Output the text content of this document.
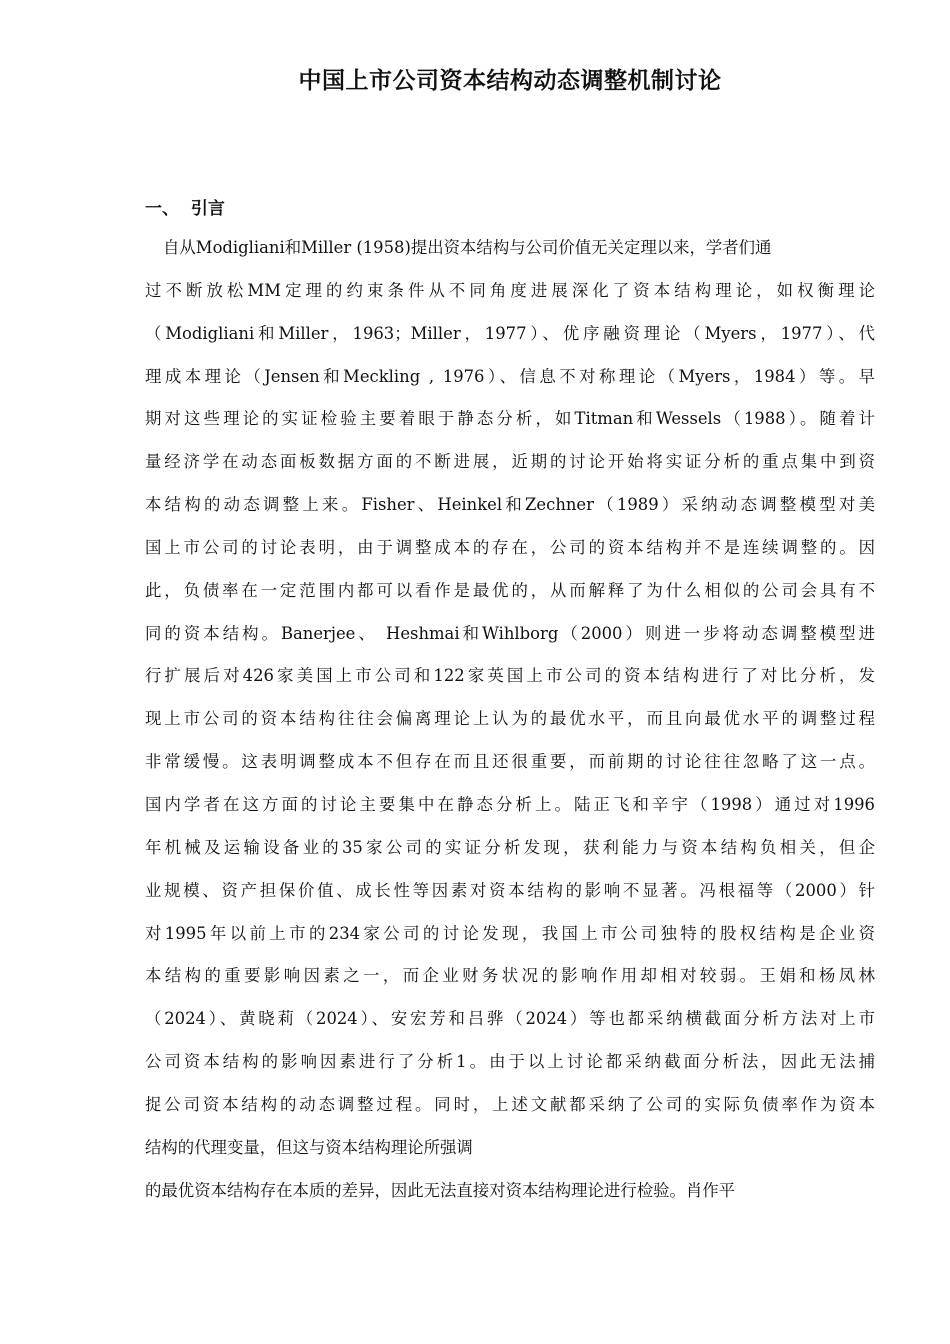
中国上市公司资本结构动态调整机制讨论
一、  引言

自从Modigliani和Miller (1958)提出资本结构与公司价值无关定理以来，学者们通

过不断放松MM定理的约束条件从不同角度进展深化了资本结构理论，如权衡理论

（Modigliani和Miller，1963；Miller，1977）、优序融资理论（Myers，1977）、代

理成本理论（Jensen和Meckling , 1976）、信息不对称理论（Myers，1984）等。早

期对这些理论的实证检验主要着眼于静态分析，如Titman和Wessels（1988）。随着计

量经济学在动态面板数据方面的不断进展，近期的讨论开始将实证分析的重点集中到资

本结构的动态调整上来。Fisher、Heinkel和Zechner（1989）采纳动态调整模型对美

国上市公司的讨论表明，由于调整成本的存在，公司的资本结构并不是连续调整的。因

此，负债率在一定范围内都可以看作是最优的，从而解释了为什么相似的公司会具有不

同的资本结构。Banerjee、 Heshmai和Wihlborg（2000）则进一步将动态调整模型进

行扩展后对426家美国上市公司和122家英国上市公司的资本结构进行了对比分析，发

现上市公司的资本结构往往会偏离理论上认为的最优水平，而且向最优水平的调整过程

非常缓慢。这表明调整成本不但存在而且还很重要，而前期的讨论往往忽略了这一点。

国内学者在这方面的讨论主要集中在静态分析上。陆正飞和辛宇（1998）通过对1996

年机械及运输设备业的35家公司的实证分析发现，获利能力与资本结构负相关，但企

业规模、资产担保价值、成长性等因素对资本结构的影响不显著。冯根福等（2000）针

对1995年以前上市的234家公司的讨论发现，我国上市公司独特的股权结构是企业资

本结构的重要影响因素之一，而企业财务状况的影响作用却相对较弱。王娟和杨凤林

（2024）、黄晓莉（2024）、安宏芳和吕骅（2024）等也都采纳横截面分析方法对上市

公司资本结构的影响因素进行了分析1。由于以上讨论都采纳截面分析法，因此无法捕

捉公司资本结构的动态调整过程。同时，上述文献都采纳了公司的实际负债率作为资本

结构的代理变量，但这与资本结构理论所强调

的最优资本结构存在本质的差异，因此无法直接对资本结构理论进行检验。肖作平
